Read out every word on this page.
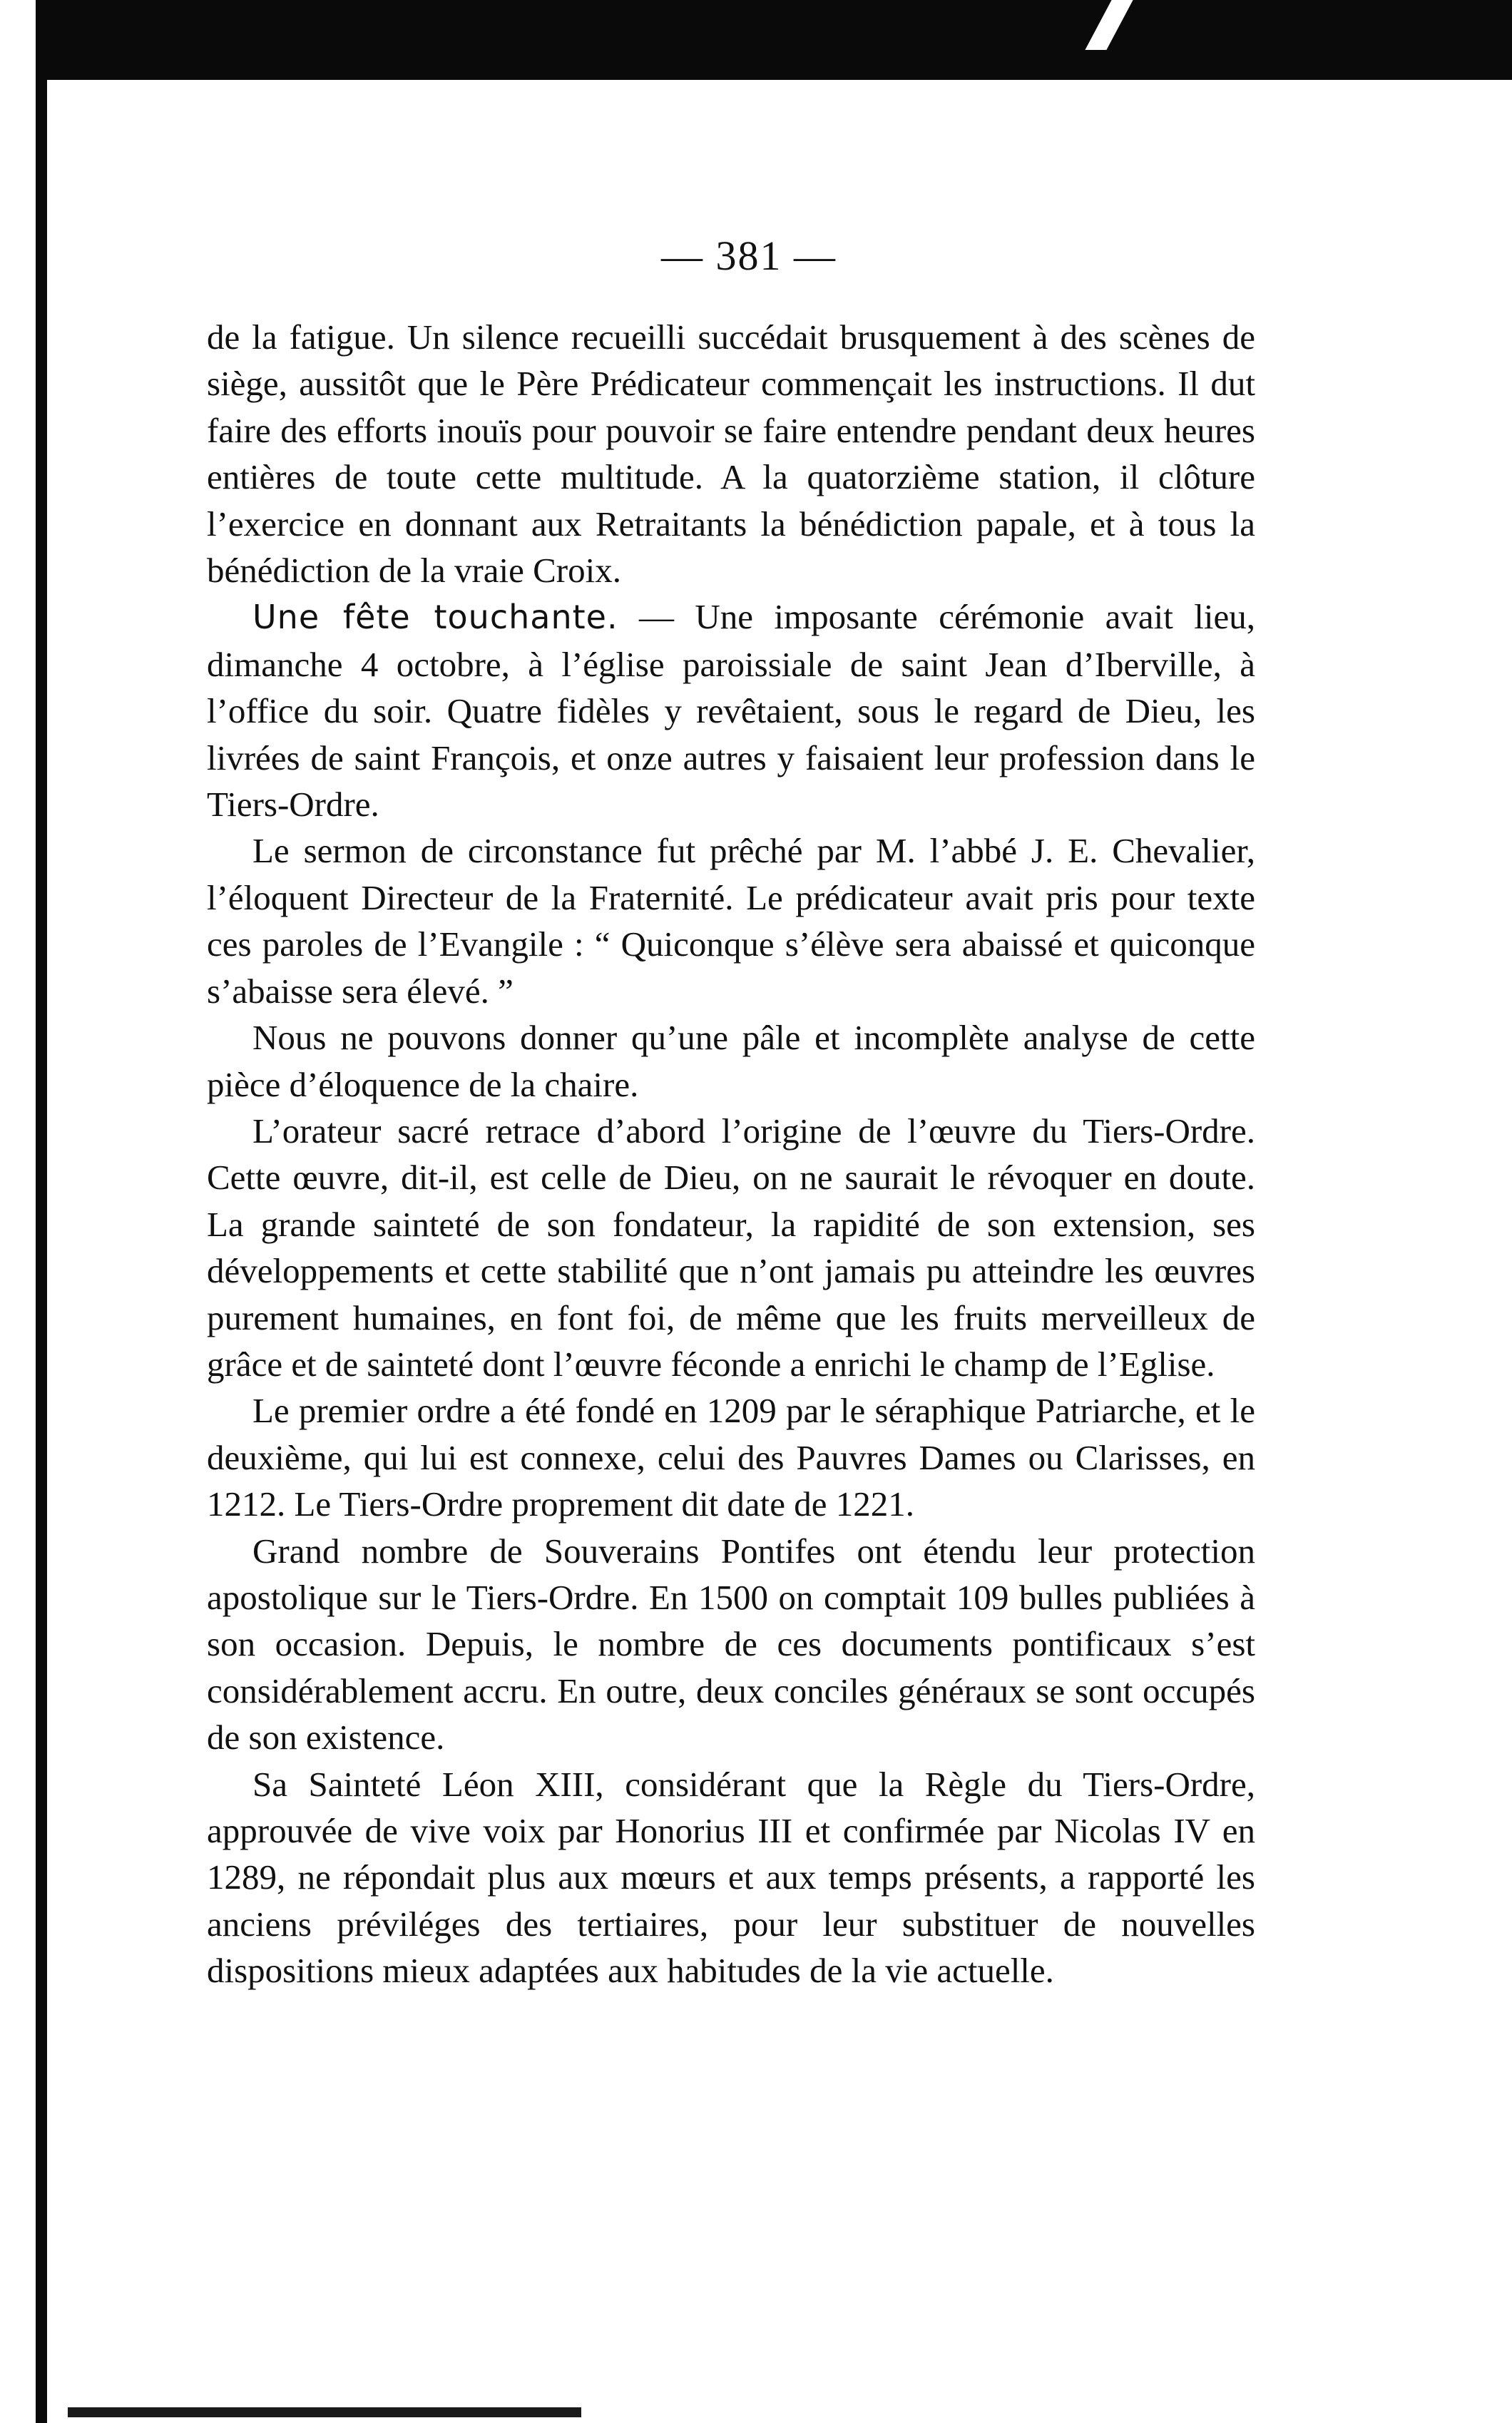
— 381 —

de la fatigue. Un silence recueilli succédait brusquement à des scènes de siège, aussitôt que le Père Prédicateur commençait les instructions. Il dut faire des efforts inouïs pour pouvoir se faire entendre pendant deux heures entières de toute cette multitude. A la quatorzième station, il clôture l’exercice en donnant aux Retraitants la bénédiction papale, et à tous la bénédiction de la vraie Croix.

Une fête touchante. — Une imposante cérémonie avait lieu, dimanche 4 octobre, à l’église paroissiale de saint Jean d’Iberville, à l’office du soir. Quatre fidèles y revêtaient, sous le regard de Dieu, les livrées de saint François, et onze autres y faisaient leur profession dans le Tiers-Ordre.

Le sermon de circonstance fut prêché par M. l’abbé J. E. Chevalier, l’éloquent Directeur de la Fraternité. Le prédicateur avait pris pour texte ces paroles de l’Evangile : “ Quiconque s’élève sera abaissé et quiconque s’abaisse sera élevé. ”

Nous ne pouvons donner qu’une pâle et incomplète analyse de cette pièce d’éloquence de la chaire.

L’orateur sacré retrace d’abord l’origine de l’œuvre du Tiers-Ordre. Cette œuvre, dit-il, est celle de Dieu, on ne saurait le révoquer en doute. La grande sainteté de son fondateur, la rapidité de son extension, ses développements et cette stabilité que n’ont jamais pu atteindre les œuvres purement humaines, en font foi, de même que les fruits merveilleux de grâce et de sainteté dont l’œuvre féconde a enrichi le champ de l’Eglise.

Le premier ordre a été fondé en 1209 par le séraphique Patriarche, et le deuxième, qui lui est connexe, celui des Pauvres Dames ou Clarisses, en 1212. Le Tiers-Ordre proprement dit date de 1221.

Grand nombre de Souverains Pontifes ont étendu leur protection apostolique sur le Tiers-Ordre. En 1500 on comptait 109 bulles publiées à son occasion. Depuis, le nombre de ces documents pontificaux s’est considérablement accru. En outre, deux conciles généraux se sont occupés de son existence.

Sa Sainteté Léon XIII, considérant que la Règle du Tiers-Ordre, approuvée de vive voix par Honorius III et confirmée par Nicolas IV en 1289, ne répondait plus aux mœurs et aux temps présents, a rapporté les anciens préviléges des tertiaires, pour leur substituer de nouvelles dispositions mieux adaptées aux habitudes de la vie actuelle.
